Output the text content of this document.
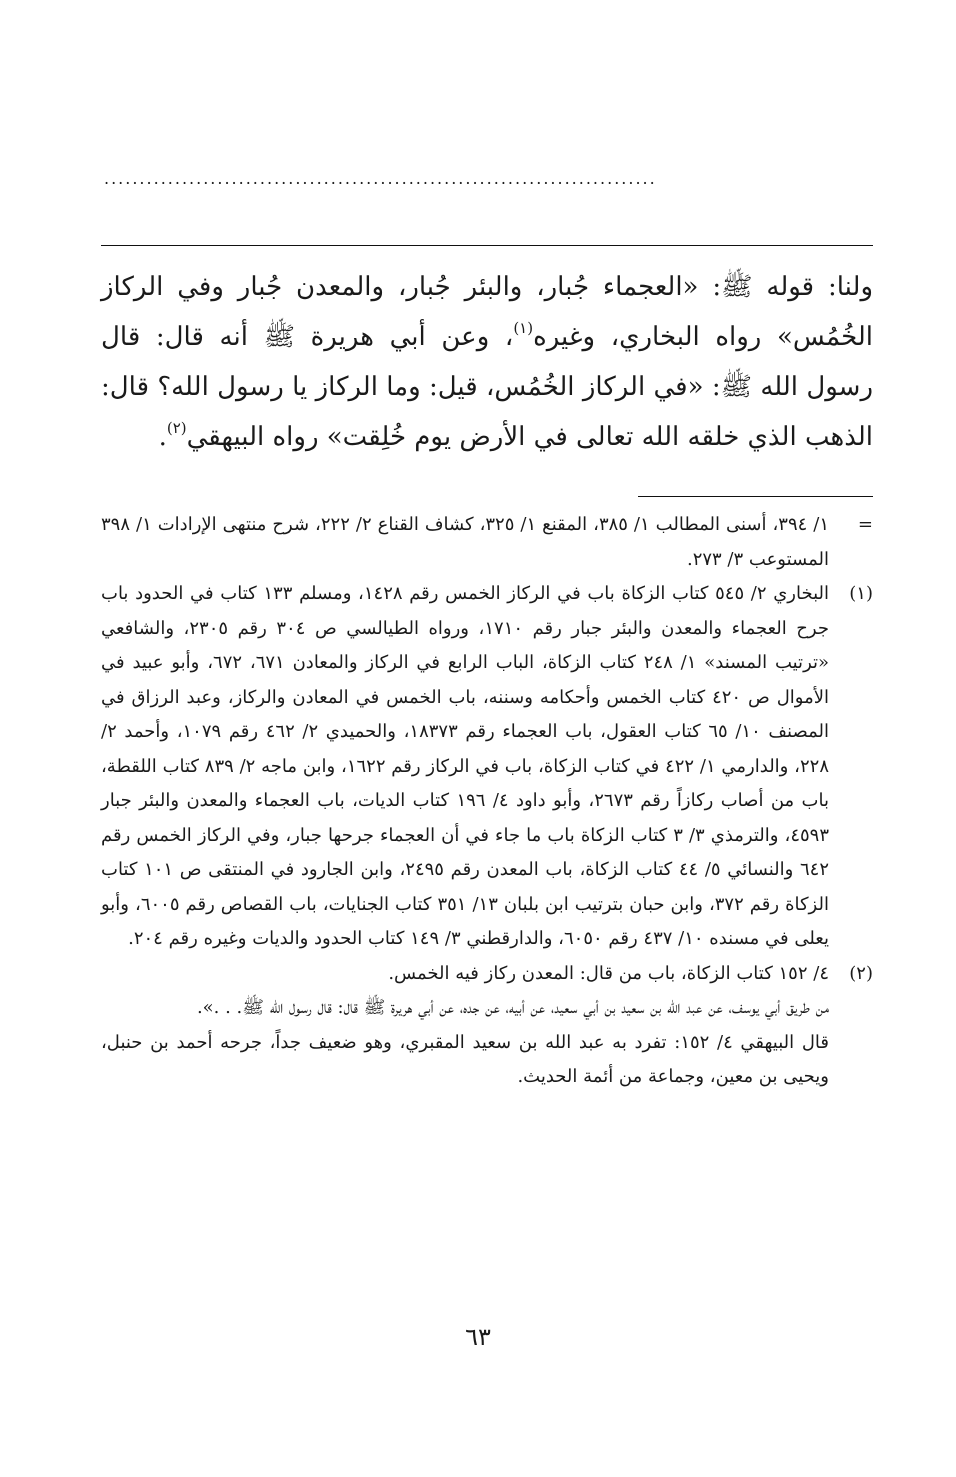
..............................................................................

ولنا: قوله ﷺ: «العجماء جُبار، والبئر جُبار، والمعدن جُبار وفي الركاز الخُمُس» رواه البخاري، وغيره$^{(١)}$، وعن أبي هريرة ﷺ أنه قال: قال رسول الله ﷺ: «في الركاز الخُمُس، قيل: وما الركاز يا رسول الله؟ قال: الذهب الذي خلقه الله تعالى في الأرض يوم خُلِقت» رواه البيهقي$^{(٢)}$.

=

١/ ٣٩٤، أسنى المطالب ١/ ٣٨٥، المقنع ١/ ٣٢٥، كشاف القناع ٢/ ٢٢٢، شرح منتهى الإرادات ١/ ٣٩٨ المستوعب ٣/ ٢٧٣.

(١)

البخاري ٢/ ٥٤٥ كتاب الزكاة باب في الركاز الخمس رقم ١٤٢٨، ومسلم ١٣٣ كتاب في الحدود باب جرح العجماء والمعدن والبئر جبار رقم ١٧١٠، ورواه الطيالسي ص ٣٠٤ رقم ٢٣٠٥، والشافعي «ترتيب المسند» ١/ ٢٤٨ كتاب الزكاة، الباب الرابع في الركاز والمعادن ٦٧١، ٦٧٢، وأبو عبيد في الأموال ص ٤٢٠ كتاب الخمس وأحكامه وسننه، باب الخمس في المعادن والركاز، وعبد الرزاق في المصنف ١٠/ ٦٥ كتاب العقول، باب العجماء رقم ١٨٣٧٣، والحميدي ٢/ ٤٦٢ رقم ١٠٧٩، وأحمد ٢/ ٢٢٨، والدارمي ١/ ٤٢٢ في كتاب الزكاة، باب في الركاز رقم ١٦٢٢، وابن ماجه ٢/ ٨٣٩ كتاب اللقطة، باب من أصاب ركازاً رقم ٢٦٧٣، وأبو داود ٤/ ١٩٦ كتاب الديات، باب العجماء والمعدن والبئر جبار ٤٥٩٣، والترمذي ٣/ ٣ كتاب الزكاة باب ما جاء في أن العجماء جرحها جبار، وفي الركاز الخمس رقم ٦٤٢ والنسائي ٥/ ٤٤ كتاب الزكاة، باب المعدن رقم ٢٤٩٥، وابن الجارود في المنتقى ص ١٠١ كتاب الزكاة رقم ٣٧٢، وابن حبان بترتيب ابن بلبان ١٣/ ٣٥١ كتاب الجنايات، باب القصاص رقم ٦٠٠٥، وأبو يعلى في مسنده ١٠/ ٤٣٧ رقم ٦٠٥٠، والدارقطني ٣/ ١٤٩ كتاب الحدود والديات وغيره رقم ٢٠٤.

(٢)

٤/ ١٥٢ كتاب الزكاة، باب من قال: المعدن ركاز فيه الخمس.

من طريق أبي يوسف، عن عبد الله بن سعيد بن أبي سعيد، عن أبيه، عن جده، عن أبي هريرة ﷺ قال: قال رسول الله ﷺ. . .».

قال البيهقي ٤/ ١٥٢: تفرد به عبد الله بن سعيد المقبري، وهو ضعيف جداً، جرحه أحمد بن حنبل، ويحيى بن معين، وجماعة من أئمة الحديث.

٦٣
